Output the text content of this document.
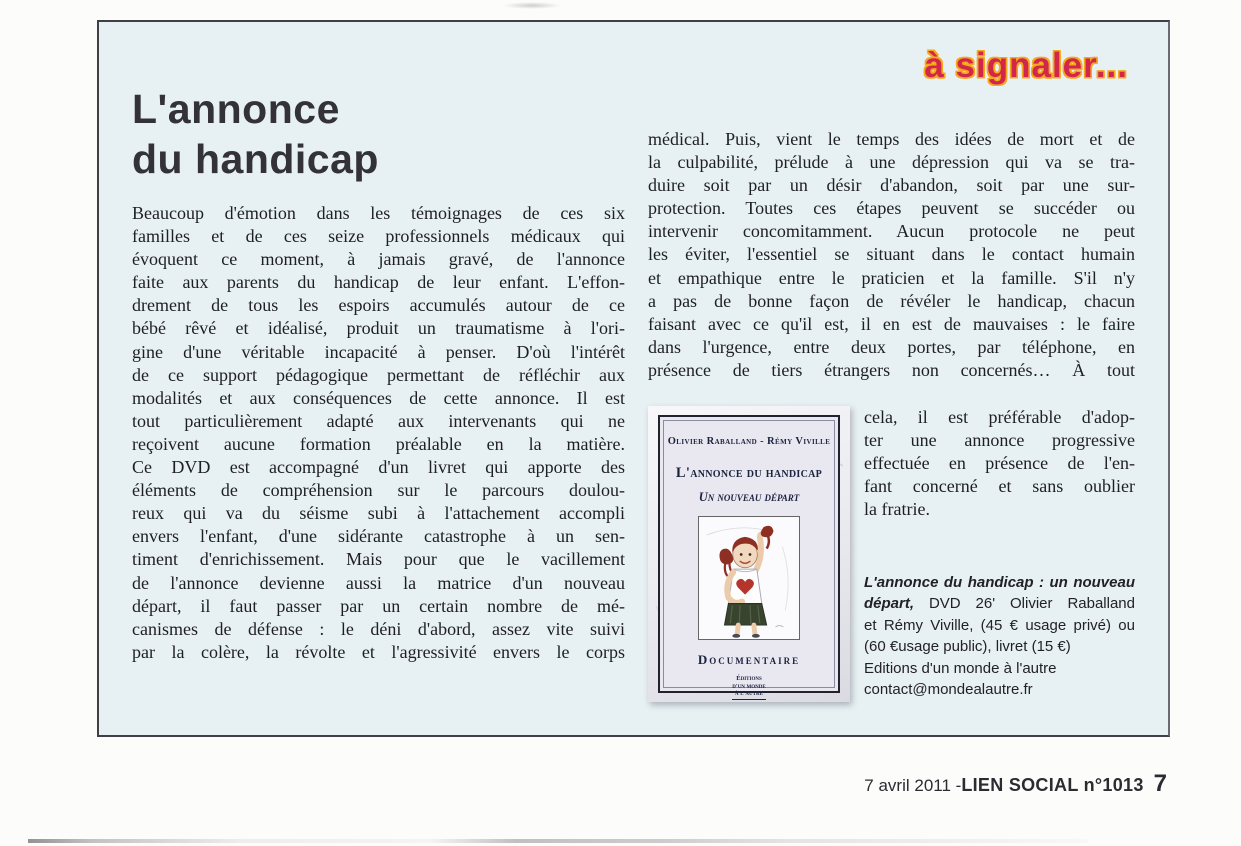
à signaler...
L'annonce
du handicap
Beaucoup d'émotion dans les témoignages de ces six
familles et de ces seize professionnels médicaux qui
évoquent ce moment, à jamais gravé, de l'annonce
faite aux parents du handicap de leur enfant. L'effon-
drement de tous les espoirs accumulés autour de ce
bébé rêvé et idéalisé, produit un traumatisme à l'ori-
gine d'une véritable incapacité à penser. D'où l'intérêt
de ce support pédagogique permettant de réfléchir aux
modalités et aux conséquences de cette annonce. Il est
tout particulièrement adapté aux intervenants qui ne
reçoivent aucune formation préalable en la matière.
Ce DVD est accompagné d'un livret qui apporte des
éléments de compréhension sur le parcours doulou-
reux qui va du séisme subi à l'attachement accompli
envers l'enfant, d'une sidérante catastrophe à un sen-
timent d'enrichissement. Mais pour que le vacillement
de l'annonce devienne aussi la matrice d'un nouveau
départ, il faut passer par un certain nombre de mé-
canismes de défense : le déni d'abord, assez vite suivi
par la colère, la révolte et l'agressivité envers le corps
médical. Puis, vient le temps des idées de mort et de
la culpabilité, prélude à une dépression qui va se tra-
duire soit par un désir d'abandon, soit par une sur-
protection. Toutes ces étapes peuvent se succéder ou
intervenir concomitamment. Aucun protocole ne peut
les éviter, l'essentiel se situant dans le contact humain
et empathique entre le praticien et la famille. S'il n'y
a pas de bonne façon de révéler le handicap, chacun
faisant avec ce qu'il est, il en est de mauvaises : le faire
dans l'urgence, entre deux portes, par téléphone, en
présence de tiers étrangers non concernés… À tout
Olivier Raballand - Rémy Viville
L'annonce du handicap
Un nouveau départ
Documentaire
Éditions
d'un monde
à l'autre
cela, il est préférable d'adop-
ter une annonce progressive
effectuée en présence de l'en-
fant concerné et sans oublier
la fratrie.
L'annonce du handicap : un nouveau
départ, DVD 26' Olivier Raballand
et Rémy Viville, (45 € usage privé) ou
(60 €usage public), livret (15 €)
Editions d'un monde à l'autre
contact@mondealautre.fr
7 avril 2011 - LIEN SOCIAL n°1013 7
